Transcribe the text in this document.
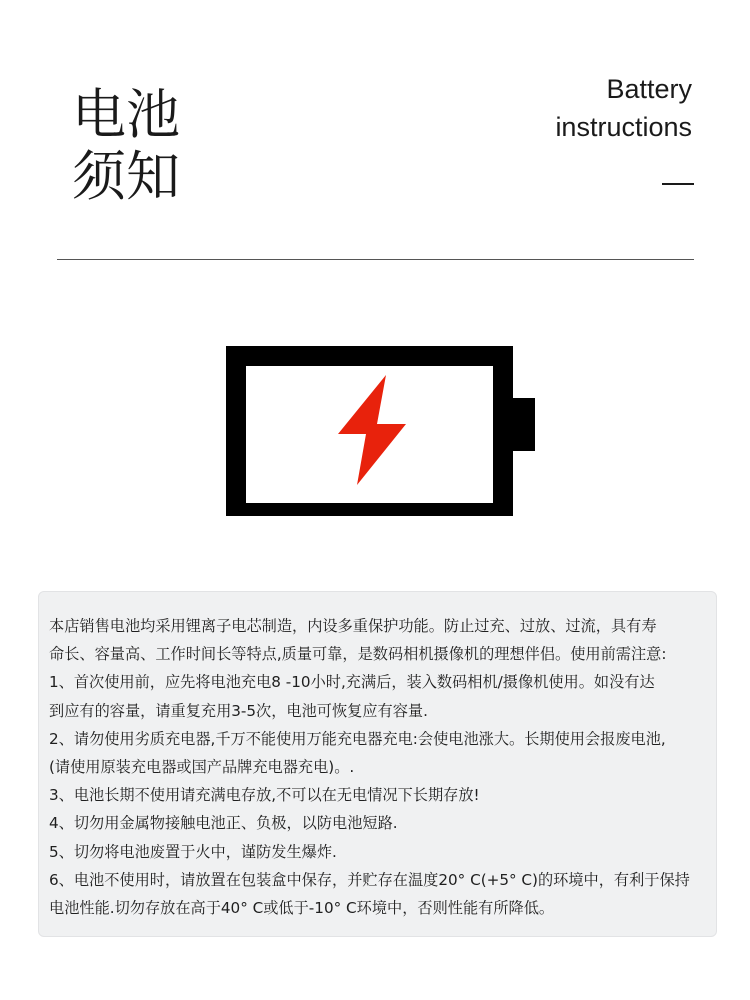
电池
须知
Battery
instructions

本店销售电池均采用锂离子电芯制造，内设多重保护功能。防止过充、过放、过流，具有寿

命长、容量高、工作时间长等特点,质量可靠，是数码相机摄像机的理想伴侣。使用前需注意:

1、首次使用前，应先将电池充电8 -10小时,充满后，装入数码相机/摄像机使用。如没有达

到应有的容量，请重复充用3-5次，电池可恢复应有容量.

2、请勿使用劣质充电器,千万不能使用万能充电器充电:会使电池涨大。长期使用会报废电池,

(请使用原装充电器或国产品牌充电器充电)。.

3、电池长期不使用请充满电存放,不可以在无电情况下长期存放!

4、切勿用金属物接触电池正、负极，以防电池短路.

5、切勿将电池废置于火中，谨防发生爆炸.

6、电池不使用时，请放置在包装盒中保存，并贮存在温度20° C(+5° C)的环境中，有利于保持

电池性能.切勿存放在高于40° C或低于-10° C环境中，否则性能有所降低。
